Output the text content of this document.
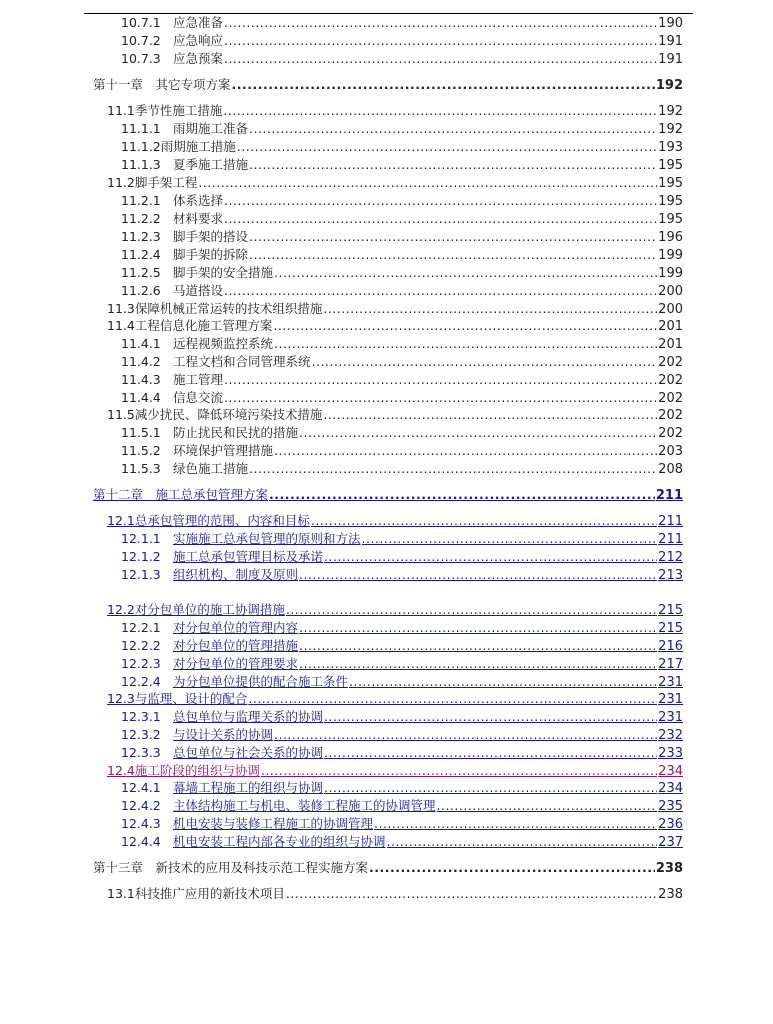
10.7.1 应急准备 .....	190
10.7.2 应急响应 .....	191
10.7.3 应急预案 .....	191
第十一章　其它专项方案 .....	192
11.1季节性施工措施 .....	192
11.1.1 雨期施工准备 .....	192
11.1.2雨期施工措施 .....	193
11.1.3 夏季施工措施 .....	195
11.2脚手架工程 .....	195
11.2.1 体系选择 .....	195
11.2.2 材料要求 .....	195
11.2.3 脚手架的搭设 .....	196
11.2.4 脚手架的拆除 .....	199
11.2.5 脚手架的安全措施 .....	199
11.2.6 马道搭设 .....	200
11.3保障机械正常运转的技术组织措施 .....	200
11.4工程信息化施工管理方案 .....	201
11.4.1 远程视频监控系统 .....	201
11.4.2 工程文档和合同管理系统 .....	202
11.4.3 施工管理 .....	202
11.4.4 信息交流 .....	202
11.5减少扰民、降低环境污染技术措施 .....	202
11.5.1 防止扰民和民扰的措施 .....	202
11.5.2 环境保护管理措施 .....	203
11.5.3 绿色施工措施 .....	208
第十二章　施工总承包管理方案 .....	211
12.1总承包管理的范围、内容和目标 .....	211
12.1.1 实施施工总承包管理的原则和方法 .....	211
12.1.2 施工总承包管理目标及承诺 .....	212
12.1.3 组织机构、制度及原则 .....	213
12.2对分包单位的施工协调措施 .....	215
12.2.1 对分包单位的管理内容 .....	215
12.2.2 对分包单位的管理措施 .....	216
12.2.3 对分包单位的管理要求 .....	217
12.2.4 为分包单位提供的配合施工条件 .....	231
12.3与监理、设计的配合 .....	231
12.3.1 总包单位与监理关系的协调 .....	231
12.3.2 与设计关系的协调 .....	232
12.3.3 总包单位与社会关系的协调 .....	233
12.4施工阶段的组织与协调 .....	234
12.4.1 幕墙工程施工的组织与协调 .....	234
12.4.2 主体结构施工与机电、装修工程施工的协调管理 .....	235
12.4.3 机电安装与装修工程施工的协调管理 .....	236
12.4.4 机电安装工程内部各专业的组织与协调 .....	237
第十三章　新技术的应用及科技示范工程实施方案 .....	238
13.1科技推广应用的新技术项目 .....	238
